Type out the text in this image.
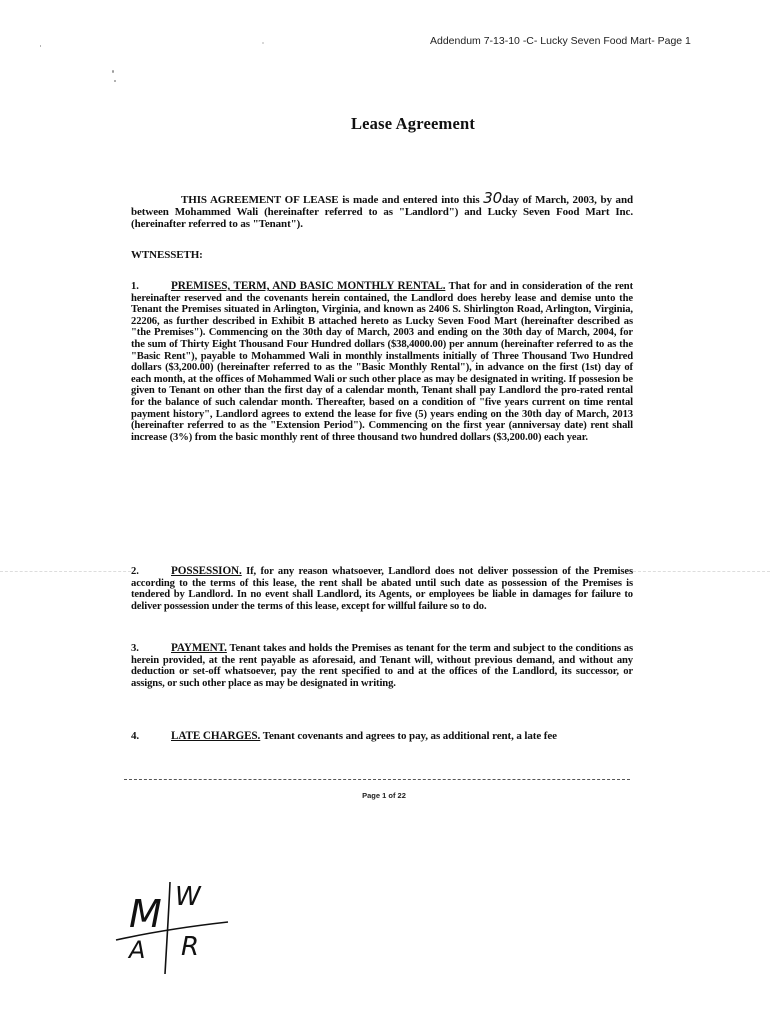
Addendum 7-13-10 -C- Lucky Seven Food Mart- Page 1
Lease Agreement
THIS AGREEMENT OF LEASE is made and entered into this 30day of March, 2003, by and between Mohammed Wali (hereinafter referred to as "Landlord") and Lucky Seven Food Mart Inc. (hereinafter referred to as "Tenant").
WTNESSETH:
1.	PREMISES, TERM, AND BASIC MONTHLY RENTAL. That for and in consideration of the rent hereinafter reserved and the covenants herein contained, the Landlord does hereby lease and demise unto the Tenant the Premises situated in Arlington, Virginia, and known as 2406 S. Shirlington Road, Arlington, Virginia, 22206, as further described in Exhibit B attached hereto as Lucky Seven Food Mart (hereinafter described as "the Premises"). Commencing on the 30th day of March, 2003 and ending on the 30th day of March, 2004, for the sum of Thirty Eight Thousand Four Hundred dollars ($38,4000.00) per annum (hereinafter referred to as the "Basic Rent"), payable to Mohammed Wali in monthly installments initially of Three Thousand Two Hundred dollars ($3,200.00) (hereinafter referred to as the "Basic Monthly Rental"), in advance on the first (1st) day of each month, at the offices of Mohammed Wali or such other place as may be designated in writing. If possesion be given to Tenant on other than the first day of a calendar month, Tenant shall pay Landlord the pro-rated rental for the balance of such calendar month. Thereafter, based on a condition of "five years current on time rental payment history", Landlord agrees to extend the lease for five (5) years ending on the 30th day of March, 2013 (hereinafter referred to as the "Extension Period"). Commencing on the first year (anniversay date) rent shall increase (3%) from the basic monthly rent of three thousand two hundred dollars ($3,200.00) each year.
2.	POSSESSION. If, for any reason whatsoever, Landlord does not deliver possession of the Premises according to the terms of this lease, the rent shall be abated until such date as possession of the Premises is tendered by Landlord. In no event shall Landlord, its Agents, or employees be liable in damages for failure to deliver possession under the terms of this lease, except for willful failure so to do.
3.	PAYMENT. Tenant takes and holds the Premises as tenant for the term and subject to the conditions as herein provided, at the rent payable as aforesaid, and Tenant will, without previous demand, and without any deduction or set-off whatsoever, pay the rent specified to and at the offices of the Landlord, its successor, or assigns, or such other place as may be designated in writing.
4.	LATE CHARGES. Tenant covenants and agrees to pay, as additional rent, a late fee
Page 1 of 22
M W
A R
